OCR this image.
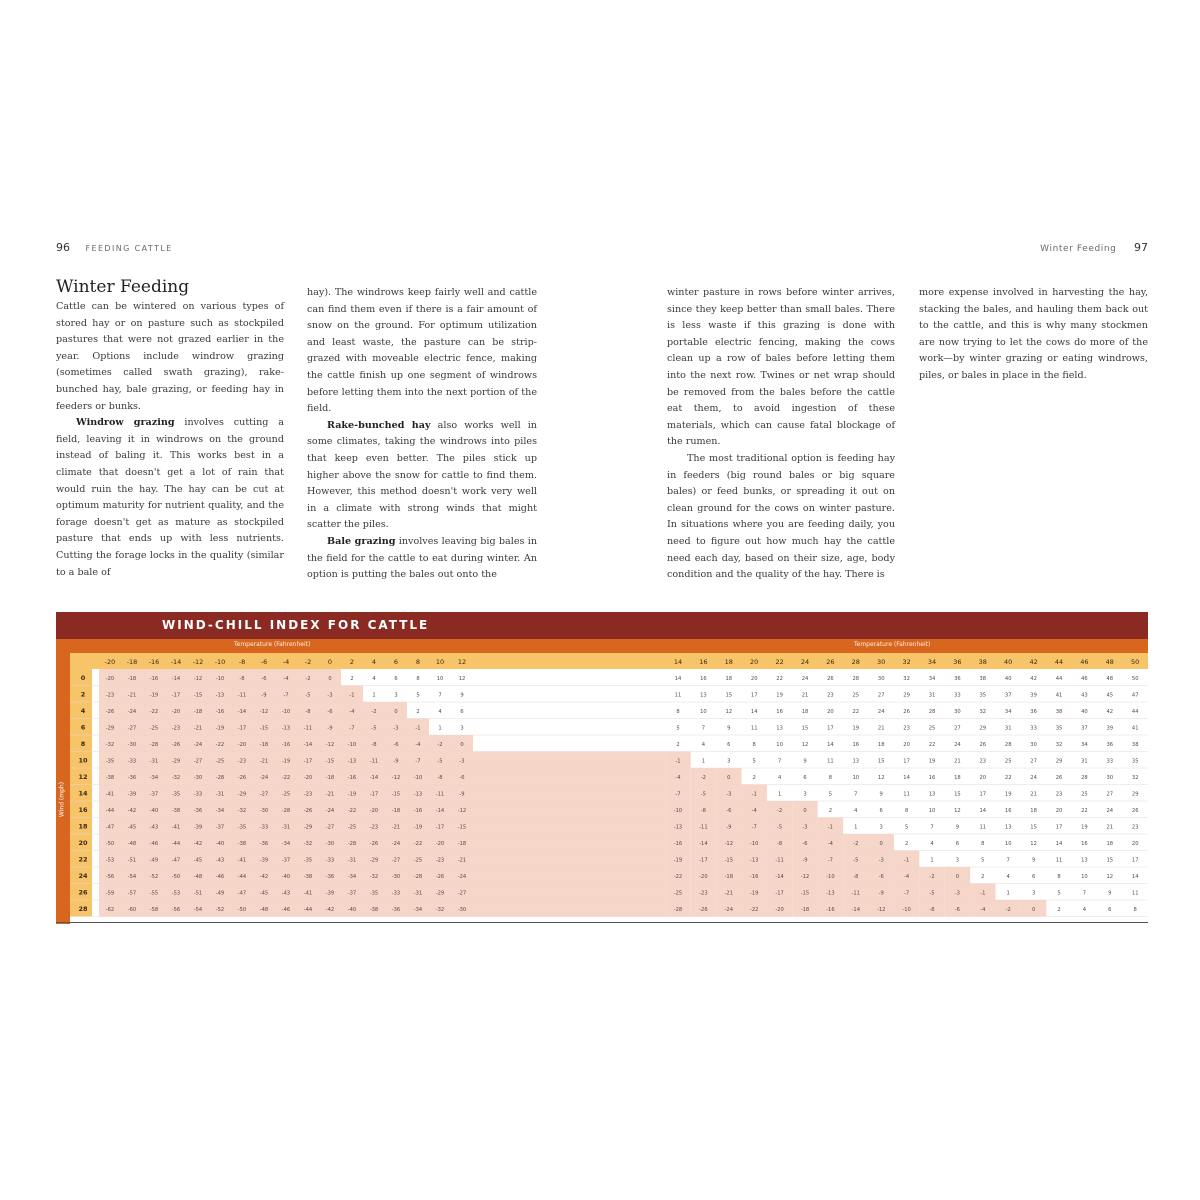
96 FEEDING CATTLE	Winter Feeding 97
Winter Feeding

Cattle can be wintered on various types of stored hay or on pasture such as stockpiled pastures that were not grazed earlier in the year. Options include windrow grazing (sometimes called swath grazing), rake-bunched hay, bale grazing, or feeding hay in feeders or bunks.

Windrow grazing involves cutting a field, leaving it in windrows on the ground instead of baling it. This works best in a climate that doesn't get a lot of rain that would ruin the hay. The hay can be cut at optimum maturity for nutrient quality, and the forage doesn't get as mature as stockpiled pasture that ends up with less nutrients. Cutting the forage locks in the quality (similar to a bale of

hay). The windrows keep fairly well and cattle can find them even if there is a fair amount of snow on the ground. For optimum utilization and least waste, the pasture can be strip-grazed with moveable electric fence, making the cattle finish up one segment of windrows before letting them into the next portion of the field.

Rake-bunched hay also works well in some climates, taking the windrows into piles that keep even better. The piles stick up higher above the snow for cattle to find them. However, this method doesn't work very well in a climate with strong winds that might scatter the piles.

Bale grazing involves leaving big bales in the field for the cattle to eat during winter. An option is putting the bales out onto the

winter pasture in rows before winter arrives, since they keep better than small bales. There is less waste if this grazing is done with portable electric fencing, making the cows clean up a row of bales before letting them into the next row. Twines or net wrap should be removed from the bales before the cattle eat them, to avoid ingestion of these materials, which can cause fatal blockage of the rumen.

The most traditional option is feeding hay in feeders (big round bales or big square bales) or feed bunks, or spreading it out on clean ground for the cows on winter pasture. In situations where you are feeding daily, you need to figure out how much hay the cattle need each day, based on their size, age, body condition and the quality of the hay. There is

more expense involved in harvesting the hay, stacking the bales, and hauling them back out to the cattle, and this is why many stockmen are now trying to let the cows do more of the work—by winter grazing or eating windrows, piles, or bales in place in the field.

WIND-CHILL INDEX FOR CATTLE
Temperature (Fahrenheit)	Temperature (Fahrenheit)
Wind (mph)
-20 -18 -16 -14 -12 -10 -8 -6 -4 -2	0	2	4	6	8 10 12	14	16	18	20	22	24	26	28	30	32	34	36	38	40	42	44	46	48	50
0	-20	-18	-16	-14	-12	-10	-8	-6	-4	-2	0	2	4	6	8	10	12	14	16	18	20	22	24	26	28	30	32	34	36	38	40	42	44	46	48	50
2	-23	-21	-19	-17	-15	-13	-11	-9	-7	-5	-3	-1	1	3	5	7	9	11	13	15	17	19	21	23	25	27	29	31	33	35	37	39	41	43	45	47
4	-26	-24	-22	-20	-18	-16	-14	-12	-10	-8	-6	-4	-2	0	2	4	6	8	10	12	14	16	18	20	22	24	26	28	30	32	34	36	38	40	42	44
6	-29	-27	-25	-23	-21	-19	-17	-15	-13	-11	-9	-7	-5	-3	-1	1	3	5	7	9	11	13	15	17	19	21	23	25	27	29	31	33	35	37	39	41
8	-32	-30	-28	-26	-24	-22	-20	-18	-16	-14	-12	-10	-8	-6	-4	-2	0	2	4	6	8	10	12	14	16	18	20	22	24	26	28	30	32	34	36	38
10	-35	-33	-31	-29	-27	-25	-23	-21	-19	-17	-15	-13	-11	-9	-7	-5	-3	-1	1	3	5	7	9	11	13	15	17	19	21	23	25	27	29	31	33	35
12	-38	-36	-34	-32	-30	-28	-26	-24	-22	-20	-18	-16	-14	-12	-10	-8	-6	-4	-2	0	2	4	6	8	10	12	14	16	18	20	22	24	26	28	30	32
14	-41	-39	-37	-35	-33	-31	-29	-27	-25	-23	-21	-19	-17	-15	-13	-11	-9	-7	-5	-3	-1	1	3	5	7	9	11	13	15	17	19	21	23	25	27	29
16	-44	-42	-40	-38	-36	-34	-32	-30	-28	-26	-24	-22	-20	-18	-16	-14	-12	-10	-8	-6	-4	-2	0	2	4	6	8	10	12	14	16	18	20	22	24	26
18	-47	-45	-43	-41	-39	-37	-35	-33	-31	-29	-27	-25	-23	-21	-19	-17	-15	-13	-11	-9	-7	-5	-3	-1	1	3	5	7	9	11	13	15	17	19	21	23
20	-50	-48	-46	-44	-42	-40	-38	-36	-34	-32	-30	-28	-26	-24	-22	-20	-18	-16	-14	-12	-10	-8	-6	-4	-2	0	2	4	6	8	10	12	14	16	18	20
22	-53	-51	-49	-47	-45	-43	-41	-39	-37	-35	-33	-31	-29	-27	-25	-23	-21	-19	-17	-15	-13	-11	-9	-7	-5	-3	-1	1	3	5	7	9	11	13	15	17
24	-56	-54	-52	-50	-48	-46	-44	-42	-40	-38	-36	-34	-32	-30	-28	-26	-24	-22	-20	-18	-16	-14	-12	-10	-8	-6	-4	-2	0	2	4	6	8	10	12	14
26	-59	-57	-55	-53	-51	-49	-47	-45	-43	-41	-39	-37	-35	-33	-31	-29	-27	-25	-23	-21	-19	-17	-15	-13	-11	-9	-7	-5	-3	-1	1	3	5	7	9	11
28	-62	-60	-58	-56	-54	-52	-50	-48	-46	-44	-42	-40	-38	-36	-34	-32	-30	-28	-26	-24	-22	-20	-18	-16	-14	-12	-10	-8	-6	-4	-2	0	2	4	6	8
